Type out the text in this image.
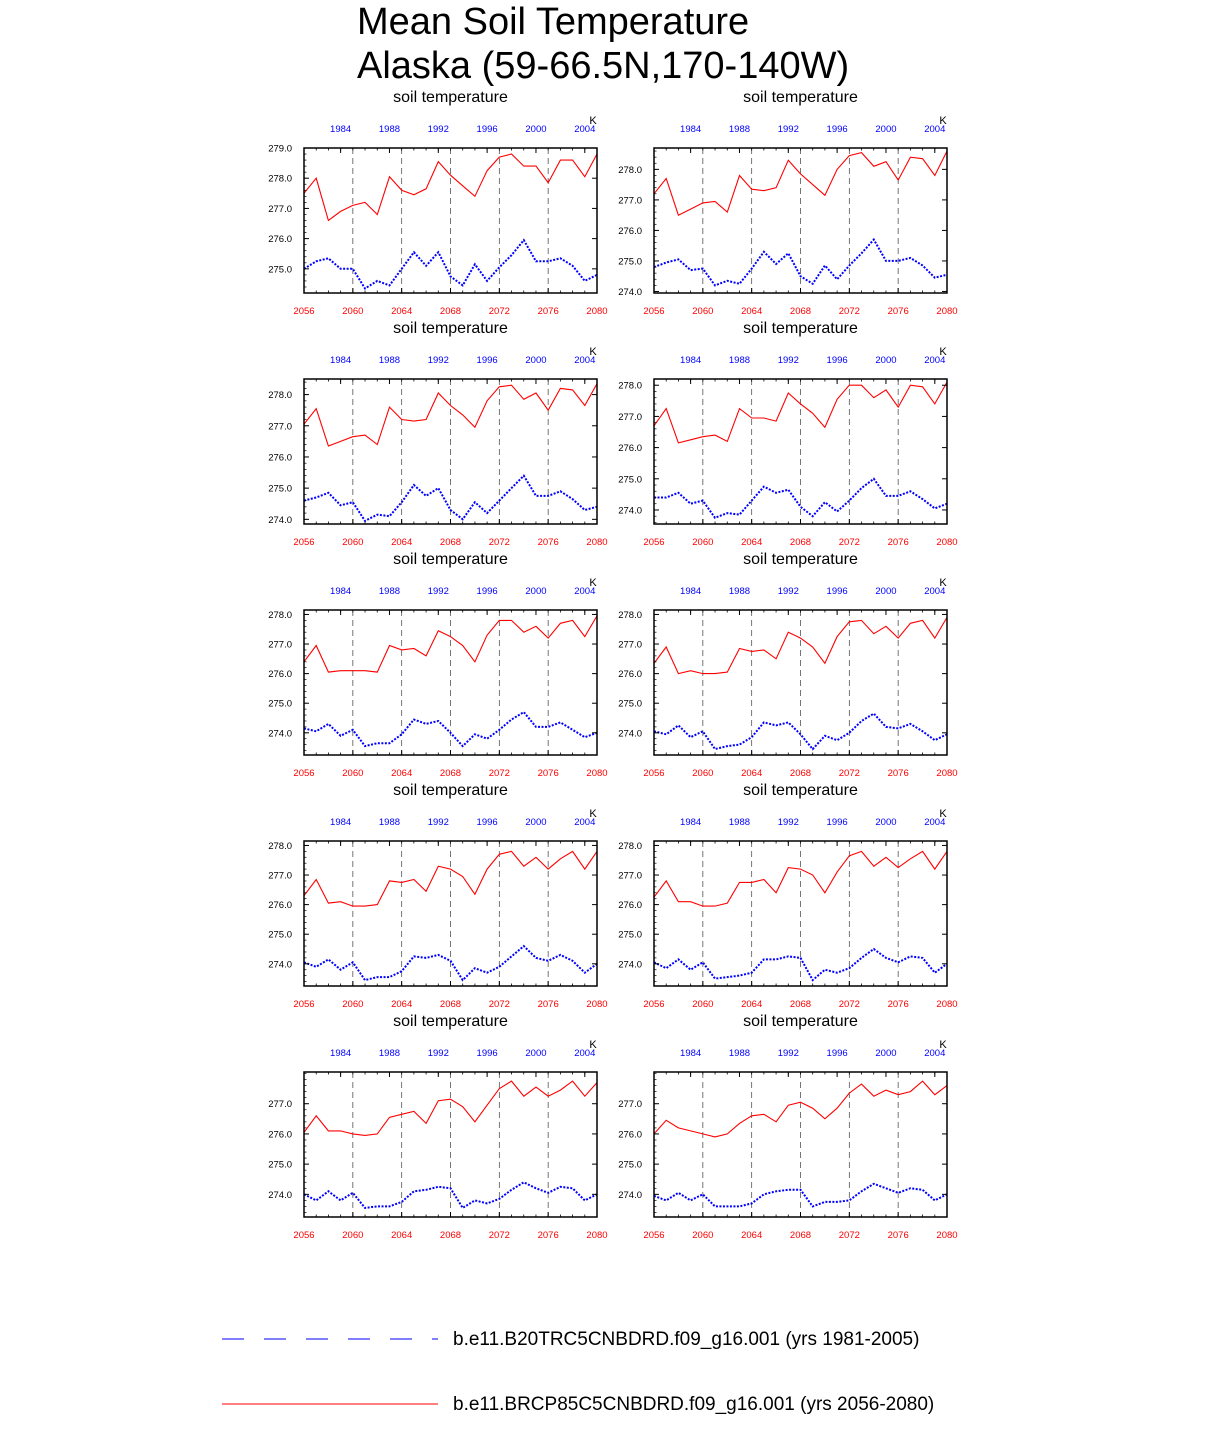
Mean Soil Temperature
Alaska (59-66.5N,170-140W)
soil temperature
2056	2060	2064	2068	2072	2076	2080
1984	1988	1992	1996	2000	2004
K
275.0
276.0
277.0
278.0
279.0
soil temperature
2056	2060	2064	2068	2072	2076	2080
1984	1988	1992	1996	2000	2004
K
274.0
275.0
276.0
277.0
278.0
soil temperature
2056	2060	2064	2068	2072	2076	2080
1984	1988	1992	1996	2000	2004
K
274.0
275.0
276.0
277.0
278.0
soil temperature
2056	2060	2064	2068	2072	2076	2080
1984	1988	1992	1996	2000	2004
K
274.0
275.0
276.0
277.0
278.0
soil temperature
2056	2060	2064	2068	2072	2076	2080
1984	1988	1992	1996	2000	2004
K
274.0
275.0
276.0
277.0
278.0
soil temperature
2056	2060	2064	2068	2072	2076	2080
1984	1988	1992	1996	2000	2004
K
274.0
275.0
276.0
277.0
278.0
soil temperature
2056	2060	2064	2068	2072	2076	2080
1984	1988	1992	1996	2000	2004
K
274.0
275.0
276.0
277.0
278.0
soil temperature
2056	2060	2064	2068	2072	2076	2080
1984	1988	1992	1996	2000	2004
K
274.0
275.0
276.0
277.0
278.0
soil temperature
2056	2060	2064	2068	2072	2076	2080
1984	1988	1992	1996	2000	2004
K
274.0
275.0
276.0
277.0
soil temperature
2056	2060	2064	2068	2072	2076	2080
1984	1988	1992	1996	2000	2004
K
274.0
275.0
276.0
277.0
b.e11.B20TRC5CNBDRD.f09_g16.001 (yrs 1981-2005)
b.e11.BRCP85C5CNBDRD.f09_g16.001 (yrs 2056-2080)
